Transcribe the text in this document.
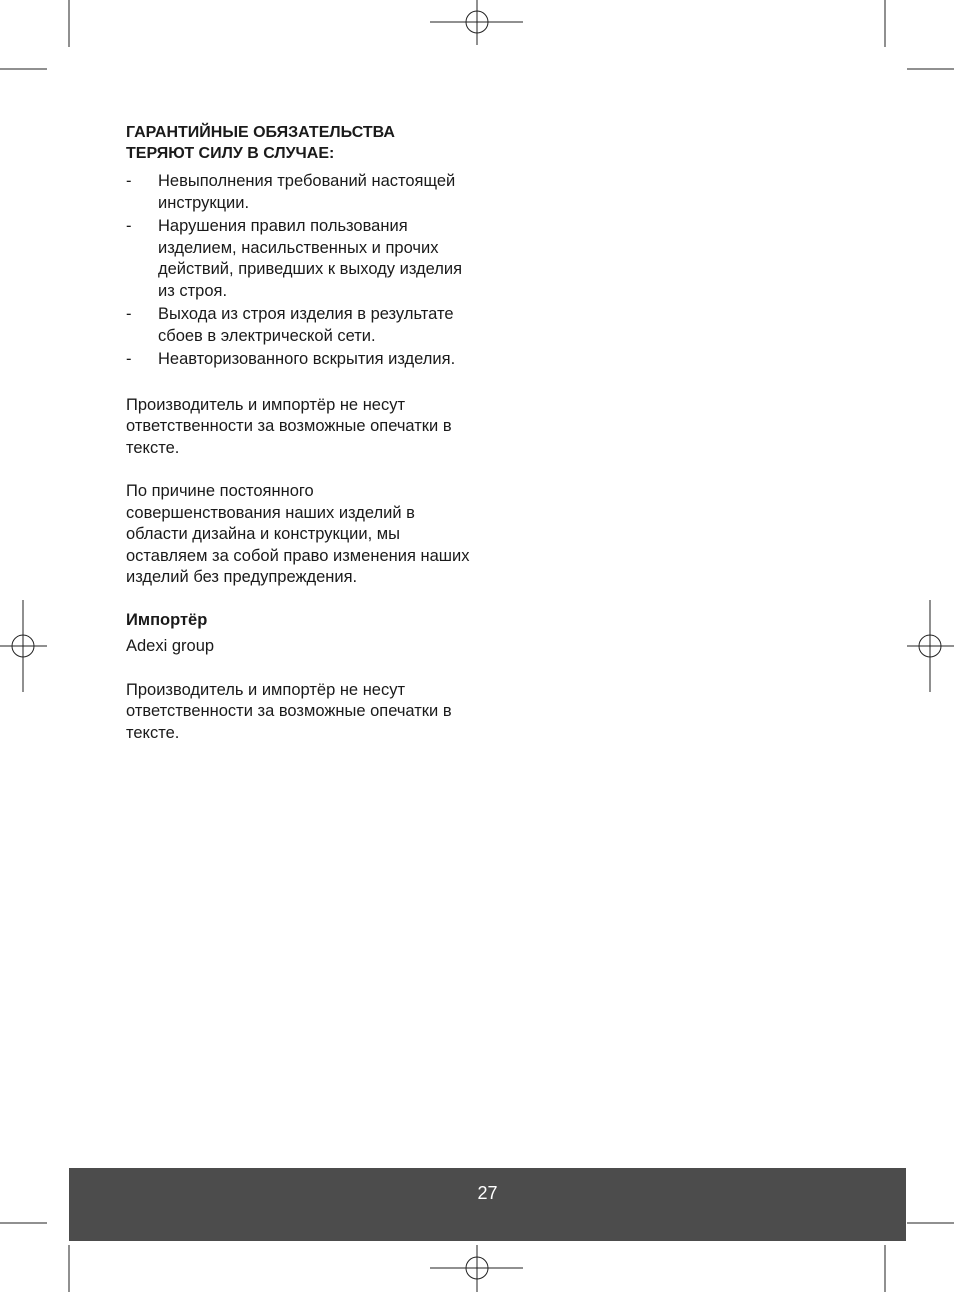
ГАРАНТИЙНЫЕ ОБЯЗАТЕЛЬСТВА
ТЕРЯЮТ СИЛУ В СЛУЧАЕ:
- Невыполнения требований настоящей инструкции.
- Нарушения правил пользования изделием, насильственных и прочих действий, приведших к выходу изделия из строя.
- Выхода из строя изделия в результате сбоев в электрической сети.
- Неавторизованного вскрытия изделия.

Производитель и импортёр не несут ответственности за возможные опечатки в тексте.

По причине постоянного совершенствования наших изделий в области дизайна и конструкции, мы оставляем за собой право изменения наших изделий без предупреждения.

Импортёр

Adexi group

Производитель и импортёр не несут ответственности за возможные опечатки в тексте.

27
